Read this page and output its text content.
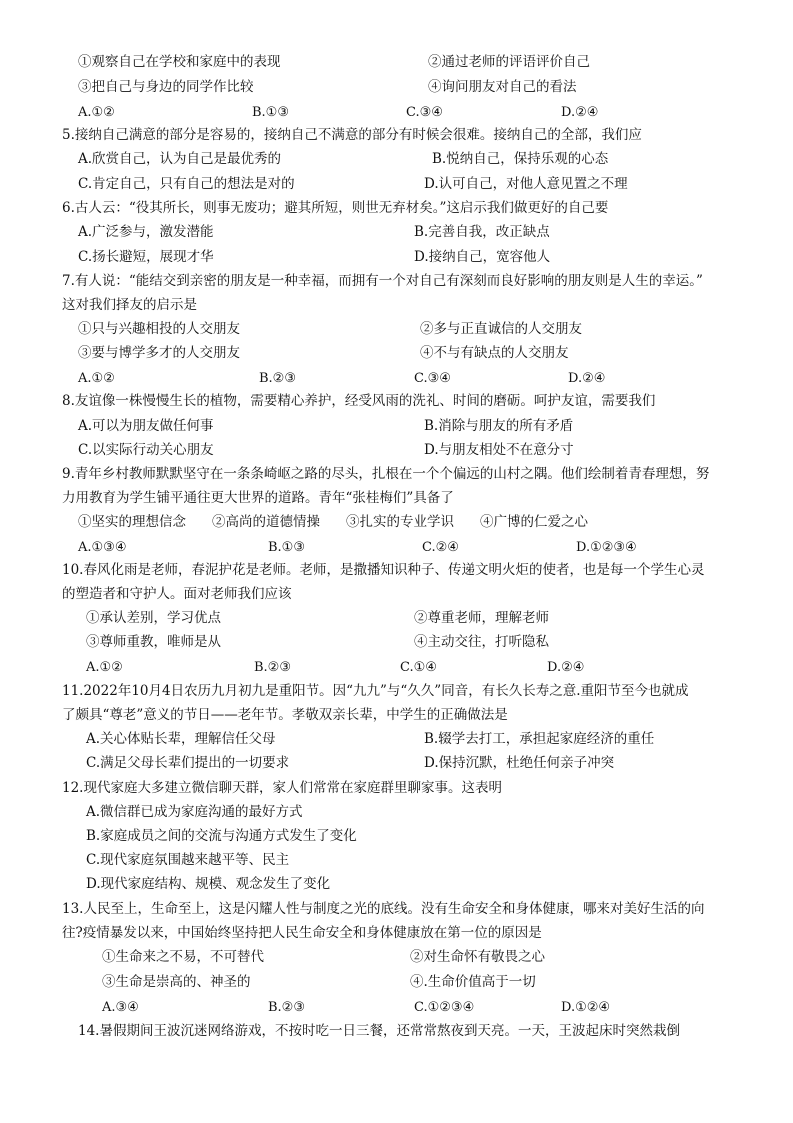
①观察自己在学校和家庭中的表现	②通过老师的评语评价自己
③把自己与身边的同学作比较	④询问朋友对自己的看法
A.①②	B.①③	C.③④	D.②④
5.接纳自己满意的部分是容易的，接纳自己不满意的部分有时候会很难。接纳自己的全部，我们应
A.欣赏自己，认为自己是最优秀的	B.悦纳自己，保持乐观的心态
C.肯定自己，只有自己的想法是对的	D.认可自己，对他人意见置之不理
6.古人云：“役其所长，则事无废功；避其所短，则世无弃材矣。”这启示我们做更好的自己要
A.广泛参与，激发潜能	B.完善自我，改正缺点
C.扬长避短，展现才华	D.接纳自己，宽容他人
7.有人说：“能结交到亲密的朋友是一种幸福，而拥有一个对自己有深刻而良好影响的朋友则是人生的幸运。”
这对我们择友的启示是
①只与兴趣相投的人交朋友	②多与正直诚信的人交朋友
③要与博学多才的人交朋友	④不与有缺点的人交朋友
A.①②	B.②③	C.③④	D.②④
8.友谊像一株慢慢生长的植物，需要精心养护，经受风雨的洗礼、时间的磨砺。呵护友谊，需要我们
A.可以为朋友做任何事	B.消除与朋友的所有矛盾
C.以实际行动关心朋友	D.与朋友相处不在意分寸
9.青年乡村教师默默坚守在一条条崎岖之路的尽头，扎根在一个个偏远的山村之隅。他们绘制着青春理想，努
力用教育为学生铺平通往更大世界的道路。青年“张桂梅们”具备了
①坚实的理想信念 ②高尚的道德情操 ③扎实的专业学识 ④广博的仁爱之心
A.①③④	B.①③	C.②④	D.①②③④
10.春风化雨是老师，春泥护花是老师。老师，是撒播知识种子、传递文明火炬的使者，也是每一个学生心灵
的塑造者和守护人。面对老师我们应该
①承认差别，学习优点	②尊重老师，理解老师
③尊师重教，唯师是从	④主动交往，打听隐私
A.①②	B.②③	C.①④	D.②④
11.2022年10月4日农历九月初九是重阳节。因“九九”与“久久”同音，有长久长寿之意.重阳节至今也就成
了颇具“尊老”意义的节日——老年节。孝敬双亲长辈，中学生的正确做法是
A.关心体贴长辈，理解信任父母	B.辍学去打工，承担起家庭经济的重任
C.满足父母长辈们提出的一切要求	D.保持沉默，杜绝任何亲子冲突
12.现代家庭大多建立微信聊天群，家人们常常在家庭群里聊家事。这表明
A.微信群已成为家庭沟通的最好方式
B.家庭成员之间的交流与沟通方式发生了变化
C.现代家庭氛围越来越平等、民主
D.现代家庭结构、规模、观念发生了变化
13.人民至上，生命至上，这是闪耀人性与制度之光的底线。没有生命安全和身体健康，哪来对美好生活的向
往?疫情暴发以来，中国始终坚持把人民生命安全和身体健康放在第一位的原因是
①生命来之不易，不可替代	②对生命怀有敬畏之心
③生命是崇高的、神圣的	④.生命价值高于一切
A.③④	B.②③	C.①②③④	D.①②④
14.暑假期间王波沉迷网络游戏，不按时吃一日三餐，还常常熬夜到天亮。一天，王波起床时突然栽倒
